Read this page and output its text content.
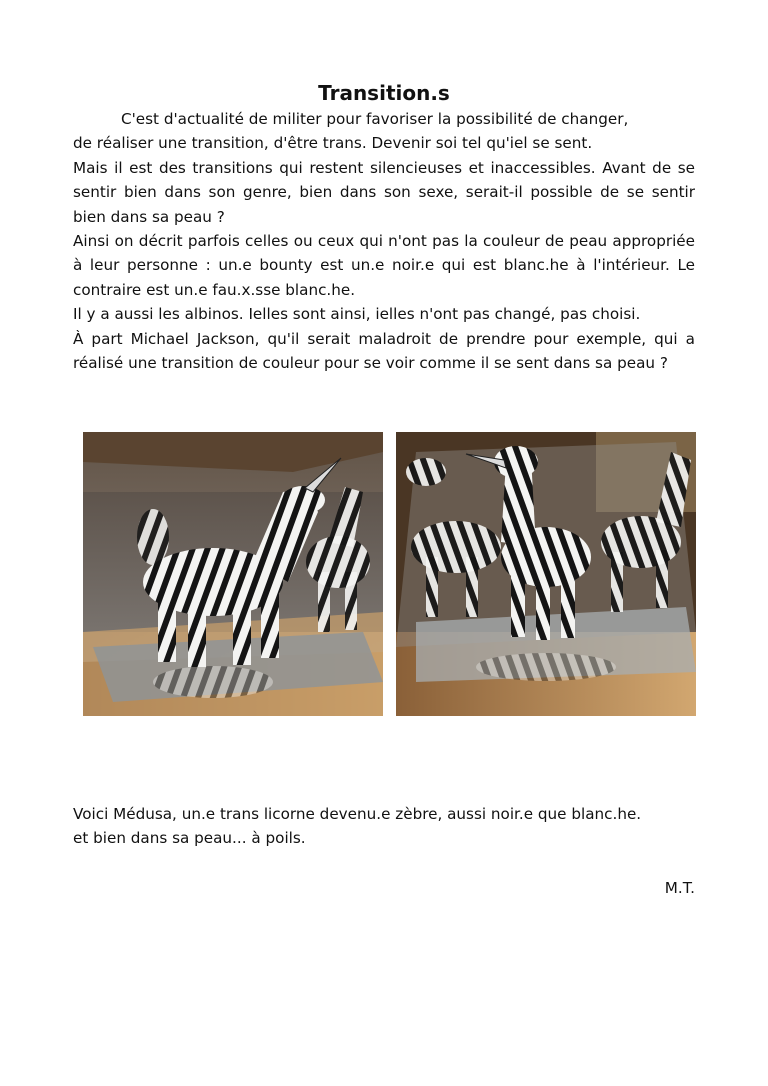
Transition.s

C'est d'actualité de militer pour favoriser la possibilité de changer,

de réaliser une transition, d'être trans. Devenir soi tel qu'iel se sent.

Mais il est des transitions qui restent silencieuses et inaccessibles. Avant de se sentir bien dans son genre, bien dans son sexe, serait-il possible de se sentir bien dans sa peau ?

Ainsi on décrit parfois celles ou ceux qui n'ont pas la couleur de peau appropriée à leur personne : un.e bounty est un.e noir.e qui est blanc.he à l'intérieur. Le contraire est un.e fau.x.sse blanc.he.

Il y a aussi les albinos. Ielles sont ainsi, ielles n'ont pas changé, pas choisi.

À part Michael Jackson, qu'il serait maladroit de prendre pour exemple, qui a réalisé une transition de couleur pour se voir comme il se sent dans sa peau ?

Voici Médusa, un.e trans licorne devenu.e zèbre, aussi noir.e que blanc.he.

et bien dans sa peau... à poils.

M.T.
